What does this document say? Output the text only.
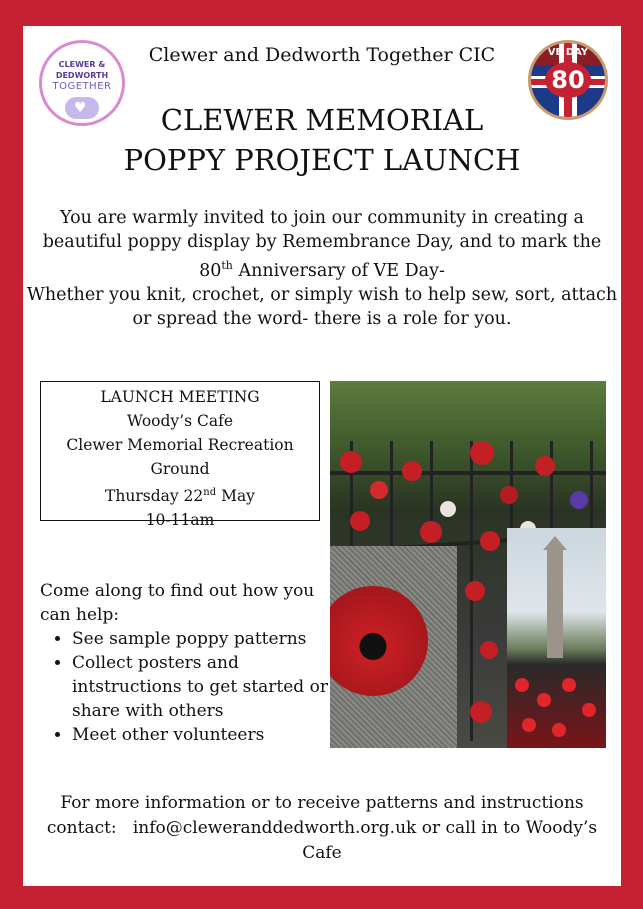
CLEWER &
DEDWORTH
TOGETHER
♥
Clewer and Dedworth Together CIC	VE DAY
80
CLEWER MEMORIAL
POPPY PROJECT LAUNCH
You are warmly invited to join our community in creating a
beautiful poppy display by Remembrance Day, and to mark the
80th Anniversary of VE Day-
Whether you knit, crochet, or simply wish to help sew, sort, attach
or spread the word- there is a role for you.
LAUNCH MEETING
Woody’s Cafe
Clewer Memorial Recreation
Ground
Thursday 22nd May
10-11am
Come along to find out how you
can help:
• See sample poppy patterns
• Collect posters and
intstructions to get started or
share with others
• Meet other volunteers
For more information or to receive patterns and instructions
contact:   info@cleweranddedworth.org.uk or call in to Woody’s
Cafe
